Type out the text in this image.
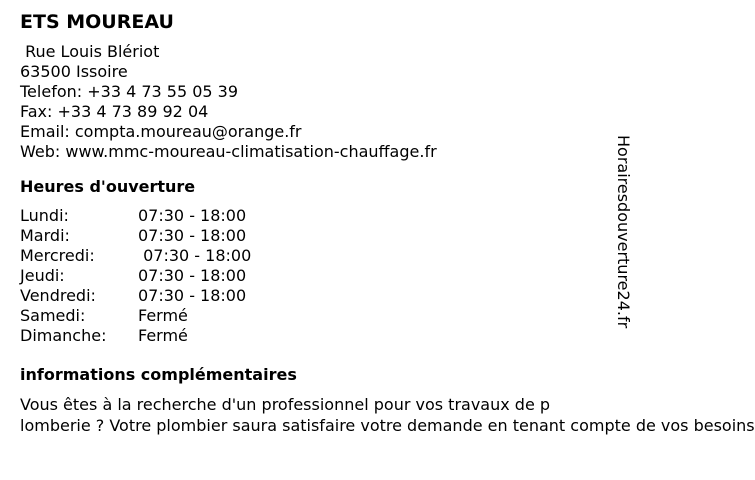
ETS MOUREAU
Rue Louis Blériot
63500 Issoire
Telefon: +33 4 73 55 05 39
Fax: +33 4 73 89 92 04
Email: compta.moureau@orange.fr
Web: www.mmc-moureau-climatisation-chauffage.fr
Heures d'ouverture
Lundi:	07:30 - 18:00
Mardi:	07:30 - 18:00
Mercredi:	07:30 - 18:00
Jeudi:	07:30 - 18:00
Vendredi:	07:30 - 18:00
Samedi:	Fermé
Dimanche:	Fermé
informations complémentaires
Vous êtes à la recherche d'un professionnel pour vos travaux de p
lomberie ? Votre plombier saura satisfaire votre demande en tenant compte de vos besoins
Horairesdouverture24.fr
